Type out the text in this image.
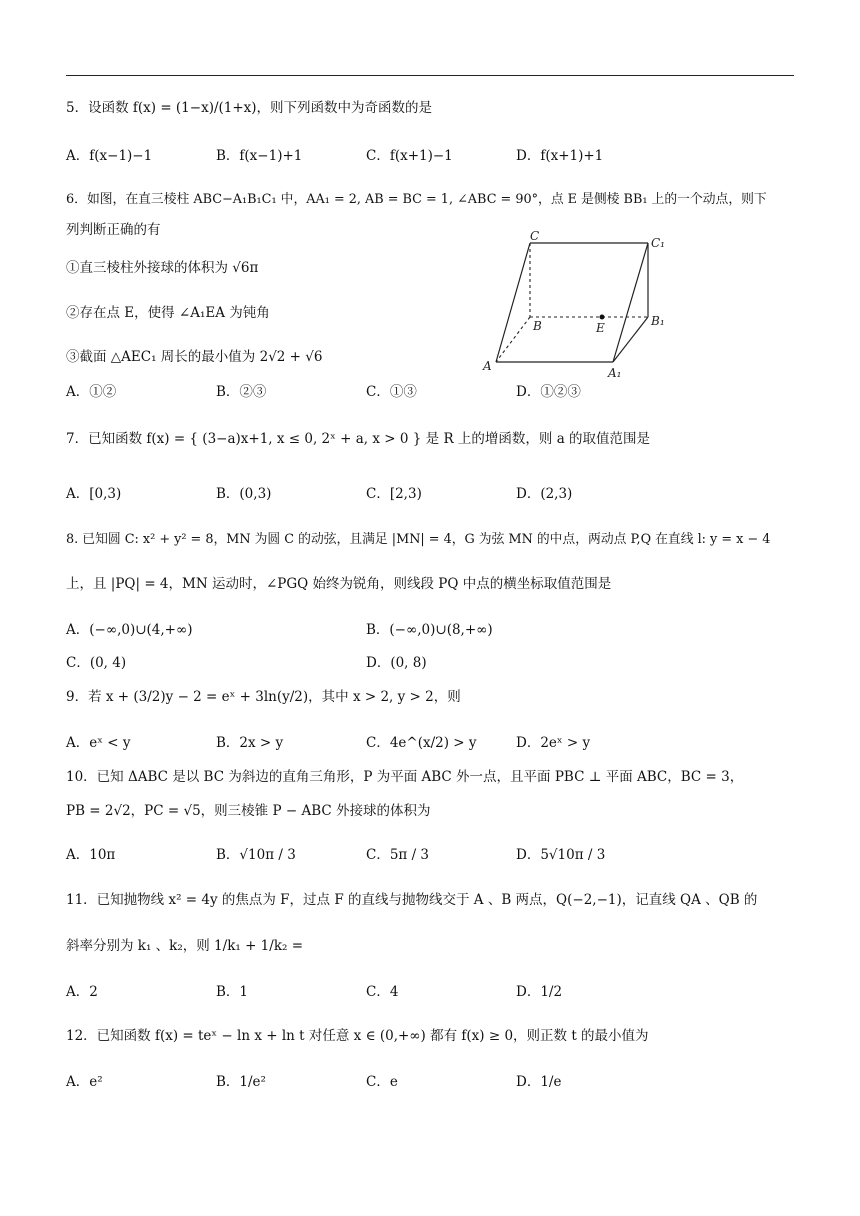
5．设函数 f(x) = (1−x)/(1+x)，则下列函数中为奇函数的是
A．f(x−1)−1	B．f(x−1)+1	C．f(x+1)−1	D．f(x+1)+1
6．如图，在直三棱柱 ABC−A₁B₁C₁ 中，AA₁ = 2, AB = BC = 1, ∠ABC = 90°，点 E 是侧棱 BB₁ 上的一个动点，则下
列判断正确的有
①直三棱柱外接球的体积为 √6π
②存在点 E，使得 ∠A₁EA 为钝角
③截面 △AEC₁ 周长的最小值为 2√2 + √6
A．①②	B．②③	C．①③	D．①②③
C	C₁
B	E	B₁
A	A₁
7．已知函数 f(x) = { (3−a)x+1, x ≤ 0, 2ˣ + a, x > 0 } 是 R 上的增函数，则 a 的取值范围是
A．[0,3)	B．(0,3)	C．[2,3)	D．(2,3)
8. 已知圆 C: x² + y² = 8，MN 为圆 C 的动弦，且满足 |MN| = 4，G 为弦 MN 的中点，两动点 P,Q 在直线 l: y = x − 4
上，且 |PQ| = 4，MN 运动时，∠PGQ 始终为锐角，则线段 PQ 中点的横坐标取值范围是
A．(−∞,0)∪(4,+∞)	B．(−∞,0)∪(8,+∞)
C．(0, 4)	D．(0, 8)
9．若 x + (3/2)y − 2 = eˣ + 3ln(y/2)，其中 x > 2, y > 2，则
A．eˣ < y	B．2x > y	C．4e^(x/2) > y	D．2eˣ > y
10．已知 ΔABC 是以 BC 为斜边的直角三角形，P 为平面 ABC 外一点，且平面 PBC ⊥ 平面 ABC，BC = 3，
PB = 2√2，PC = √5，则三棱锥 P − ABC 外接球的体积为
A．10π	B．√10π / 3	C．5π / 3	D．5√10π / 3
11．已知抛物线 x² = 4y 的焦点为 F，过点 F 的直线与抛物线交于 A 、B 两点，Q(−2,−1)，记直线 QA 、QB 的
斜率分别为 k₁ 、k₂，则 1/k₁ + 1/k₂ =
A．2	B．1	C．4	D．1/2
12．已知函数 f(x) = teˣ − ln x + ln t 对任意 x ∈ (0,+∞) 都有 f(x) ≥ 0，则正数 t 的最小值为
A．e²	B．1/e²	C．e	D．1/e
